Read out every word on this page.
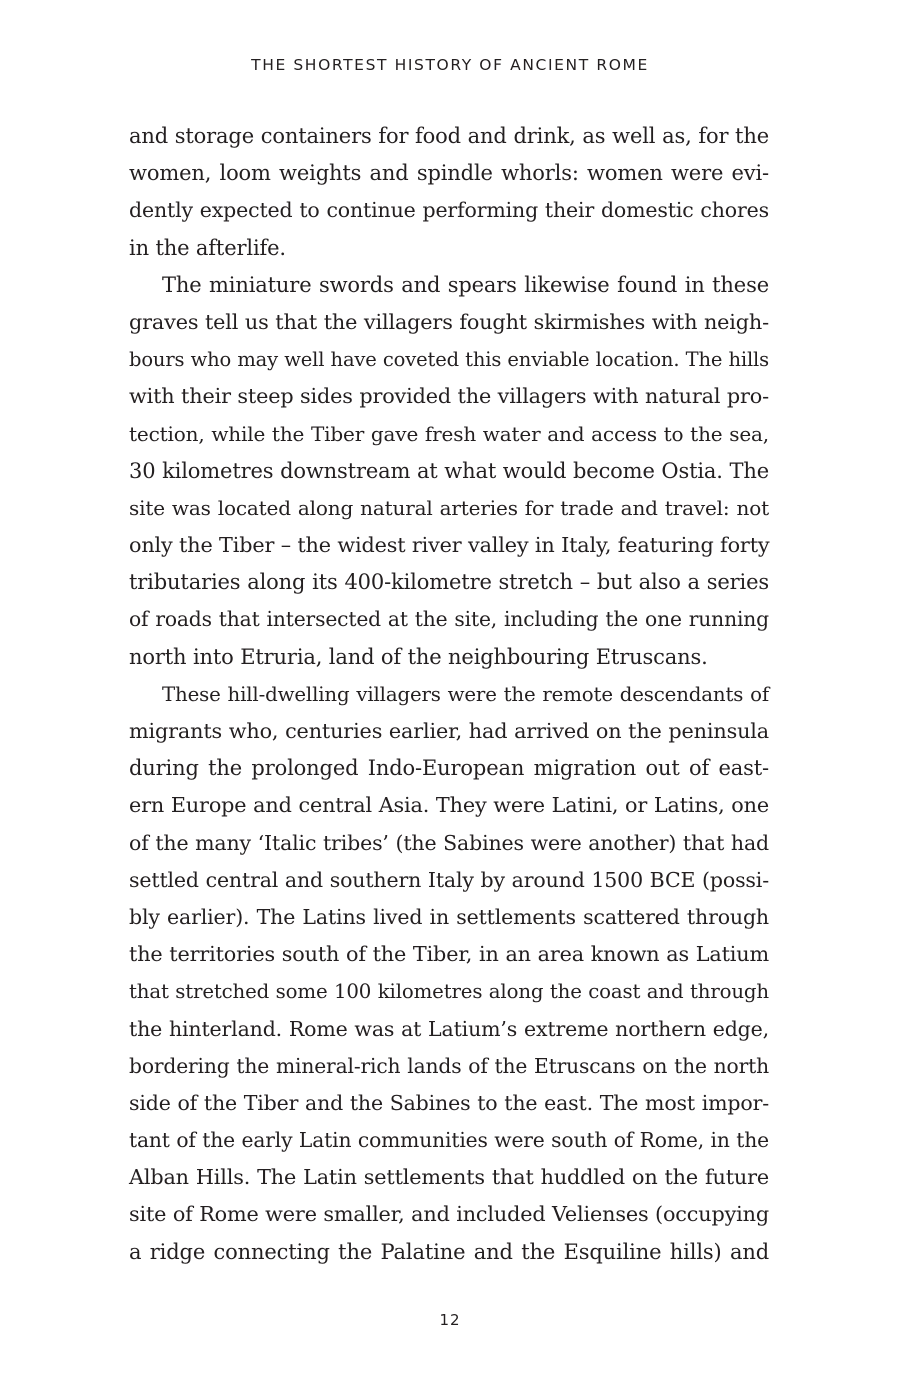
THE SHORTEST HISTORY OF ANCIENT ROME
and storage containers for food and drink, as well as, for the
women, loom weights and spindle whorls: women were evi-
dently expected to continue performing their domestic chores
in the afterlife.
The miniature swords and spears likewise found in these
graves tell us that the villagers fought skirmishes with neigh-
bours who may well have coveted this enviable location. The hills
with their steep sides provided the villagers with natural pro-
tection, while the Tiber gave fresh water and access to the sea,
30 kilometres downstream at what would become Ostia. The
site was located along natural arteries for trade and travel: not
only the Tiber – the widest river valley in Italy, featuring forty
tributaries along its 400-kilometre stretch – but also a series
of roads that intersected at the site, including the one running
north into Etruria, land of the neighbouring Etruscans.
These hill-dwelling villagers were the remote descendants of
migrants who, centuries earlier, had arrived on the peninsula
during the prolonged Indo-European migration out of east-
ern Europe and central Asia. They were Latini, or Latins, one
of the many ‘Italic tribes’ (the Sabines were another) that had
settled central and southern Italy by around 1500 BCE (possi-
bly earlier). The Latins lived in settlements scattered through
the territories south of the Tiber, in an area known as Latium
that stretched some 100 kilometres along the coast and through
the hinterland. Rome was at Latium’s extreme northern edge,
bordering the mineral-rich lands of the Etruscans on the north
side of the Tiber and the Sabines to the east. The most impor-
tant of the early Latin communities were south of Rome, in the
Alban Hills. The Latin settlements that huddled on the future
site of Rome were smaller, and included Velienses (occupying
a ridge connecting the Palatine and the Esquiline hills) and
12
